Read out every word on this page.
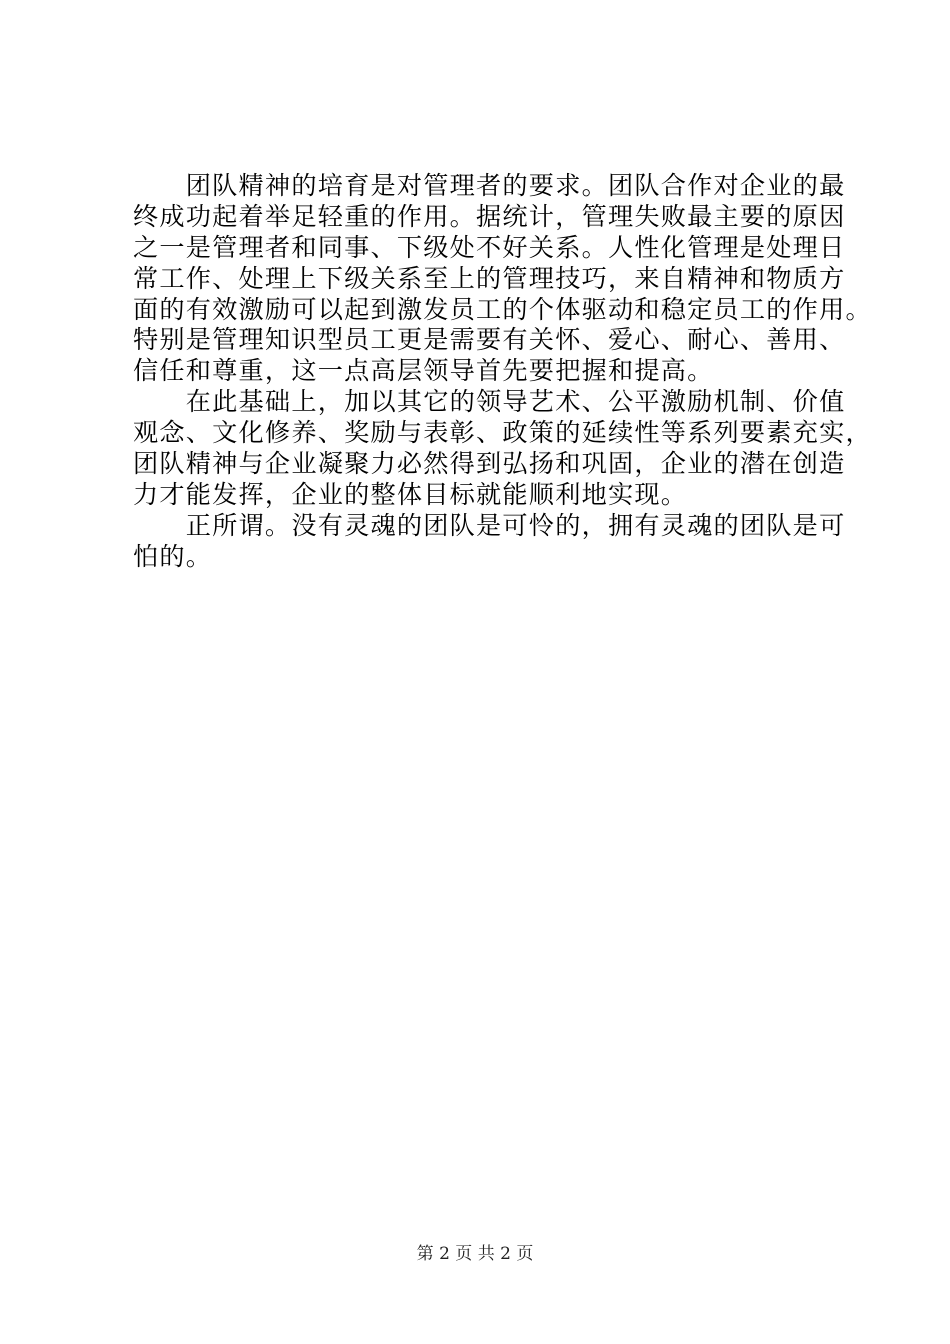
　　团队精神的培育是对管理者的要求。团队合作对企业的最
终成功起着举足轻重的作用。据统计，管理失败最主要的原因
之一是管理者和同事、下级处不好关系。人性化管理是处理日
常工作、处理上下级关系至上的管理技巧，来自精神和物质方
面的有效激励可以起到激发员工的个体驱动和稳定员工的作用。
特别是管理知识型员工更是需要有关怀、爱心、耐心、善用、
信任和尊重，这一点高层领导首先要把握和提高。
　　在此基础上，加以其它的领导艺术、公平激励机制、价值
观念、文化修养、奖励与表彰、政策的延续性等系列要素充实，
团队精神与企业凝聚力必然得到弘扬和巩固，企业的潜在创造
力才能发挥，企业的整体目标就能顺利地实现。
　　正所谓。没有灵魂的团队是可怜的，拥有灵魂的团队是可
怕的。
第 2 页 共 2 页
